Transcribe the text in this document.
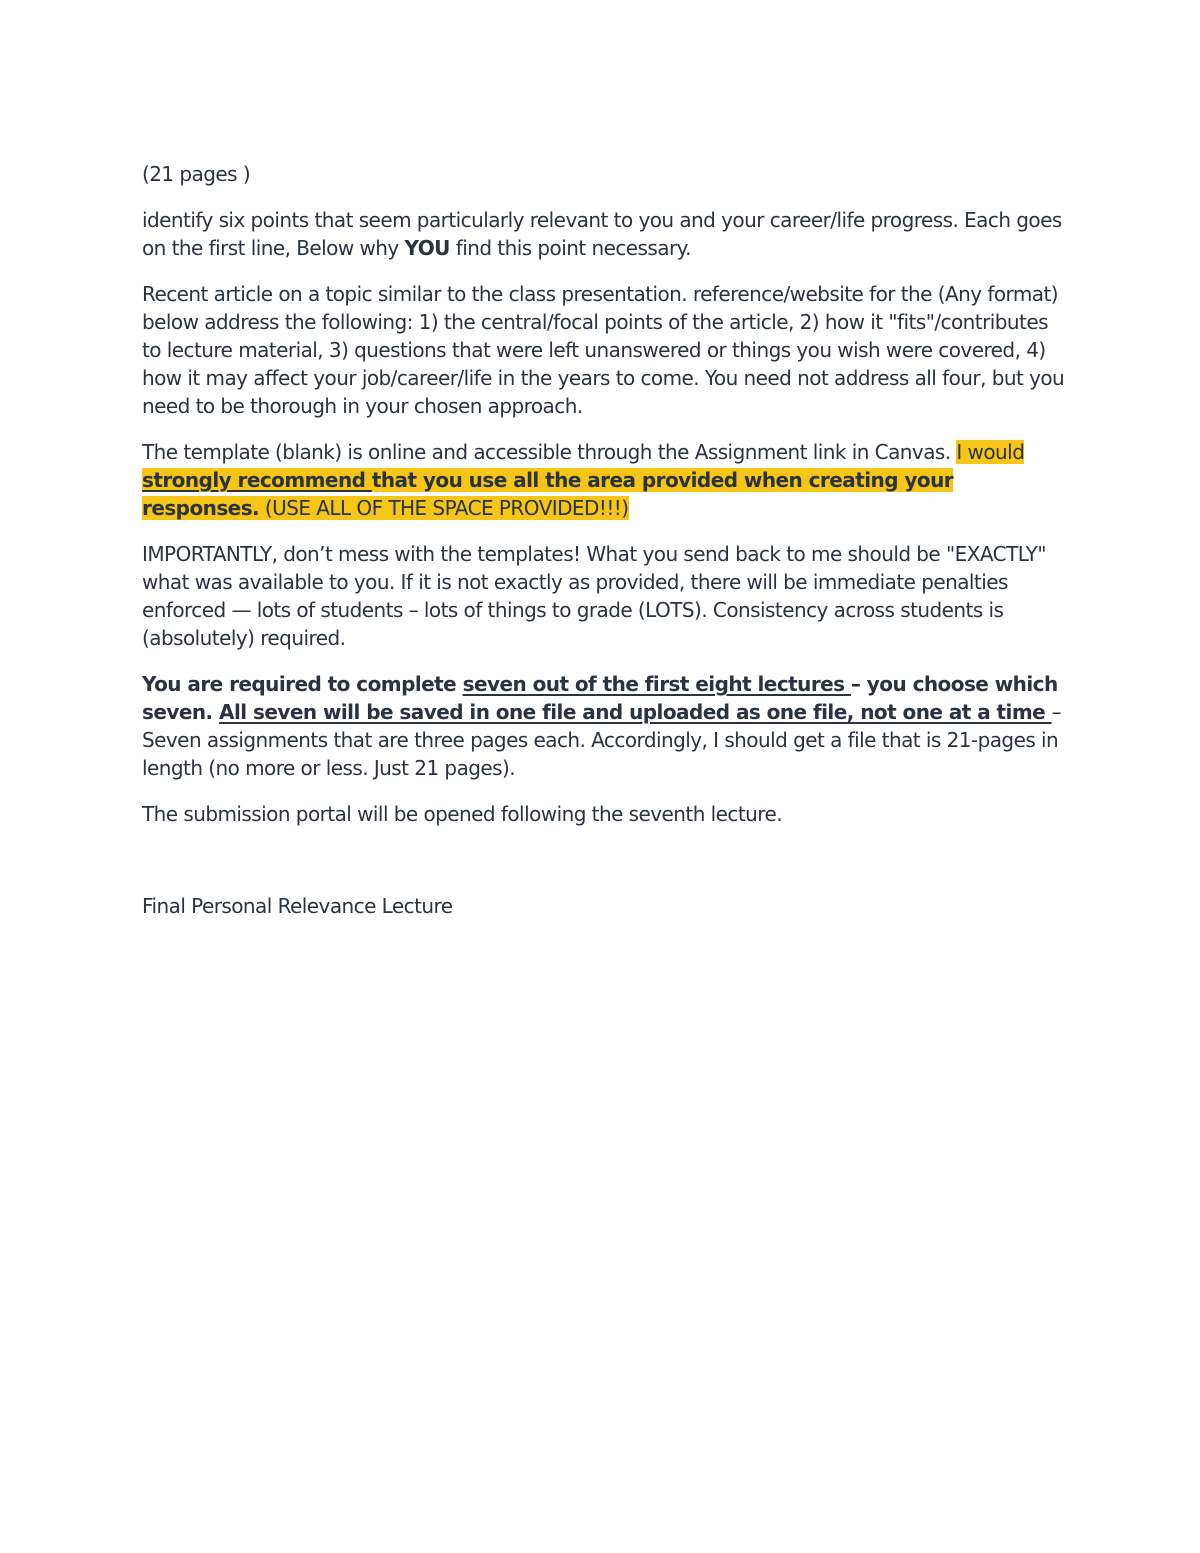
(21 pages )

identify six points that seem particularly relevant to you and your career/life progress. Each goes on the first line, Below why YOU find this point necessary.

Recent article on a topic similar to the class presentation. reference/website for the (Any format) below address the following: 1) the central/focal points of the article, 2) how it "fits"/contributes to lecture material, 3) questions that were left unanswered or things you wish were covered, 4) how it may affect your job/career/life in the years to come. You need not address all four, but you need to be thorough in your chosen approach.

The template (blank) is online and accessible through the Assignment link in Canvas. I would strongly recommend that you use all the area provided when creating your responses. (USE ALL OF THE SPACE PROVIDED!!!)

IMPORTANTLY, don’t mess with the templates! What you send back to me should be "EXACTLY" what was available to you. If it is not exactly as provided, there will be immediate penalties enforced — lots of students – lots of things to grade (LOTS). Consistency across students is (absolutely) required.

You are required to complete seven out of the first eight lectures – you choose which seven. All seven will be saved in one file and uploaded as one file, not one at a time – Seven assignments that are three pages each. Accordingly, I should get a file that is 21-pages in length (no more or less. Just 21 pages).

The submission portal will be opened following the seventh lecture.

Final Personal Relevance Lecture
